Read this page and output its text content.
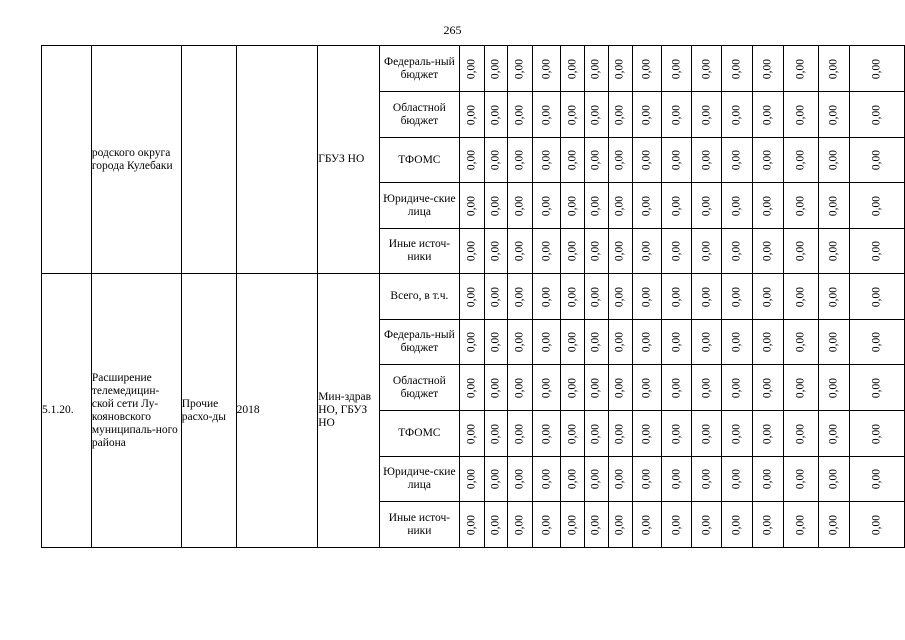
265
	родского округа города Кулебаки			ГБУЗ НО	Федераль-ный бюджет	0,00	0,00	0,00	0,00	0,00	0,00	0,00	0,00	0,00	0,00	0,00	0,00	0,00	0,00	0,00

					Областной бюджет	0,00	0,00	0,00	0,00	0,00	0,00	0,00	0,00	0,00	0,00	0,00	0,00	0,00	0,00	0,00

					ТФОМС	0,00	0,00	0,00	0,00	0,00	0,00	0,00	0,00	0,00	0,00	0,00	0,00	0,00	0,00	0,00

					Юридиче-ские лица	0,00	0,00	0,00	0,00	0,00	0,00	0,00	0,00	0,00	0,00	0,00	0,00	0,00	0,00	0,00

					Иные источ-ники	0,00	0,00	0,00	0,00	0,00	0,00	0,00	0,00	0,00	0,00	0,00	0,00	0,00	0,00	0,00

5.1.20.	Расширение телемедицин-ской сети Лу-кояновского муниципаль-ного района	Прочие расхо-ды	2018	Мин-здрав НО, ГБУЗ НО	Всего, в т.ч.	0,00	0,00	0,00	0,00	0,00	0,00	0,00	0,00	0,00	0,00	0,00	0,00	0,00	0,00	0,00

					Федераль-ный бюджет	0,00	0,00	0,00	0,00	0,00	0,00	0,00	0,00	0,00	0,00	0,00	0,00	0,00	0,00	0,00

					Областной бюджет	0,00	0,00	0,00	0,00	0,00	0,00	0,00	0,00	0,00	0,00	0,00	0,00	0,00	0,00	0,00

					ТФОМС	0,00	0,00	0,00	0,00	0,00	0,00	0,00	0,00	0,00	0,00	0,00	0,00	0,00	0,00	0,00

					Юридиче-ские лица	0,00	0,00	0,00	0,00	0,00	0,00	0,00	0,00	0,00	0,00	0,00	0,00	0,00	0,00	0,00

					Иные источ-ники	0,00	0,00	0,00	0,00	0,00	0,00	0,00	0,00	0,00	0,00	0,00	0,00	0,00	0,00	0,00
